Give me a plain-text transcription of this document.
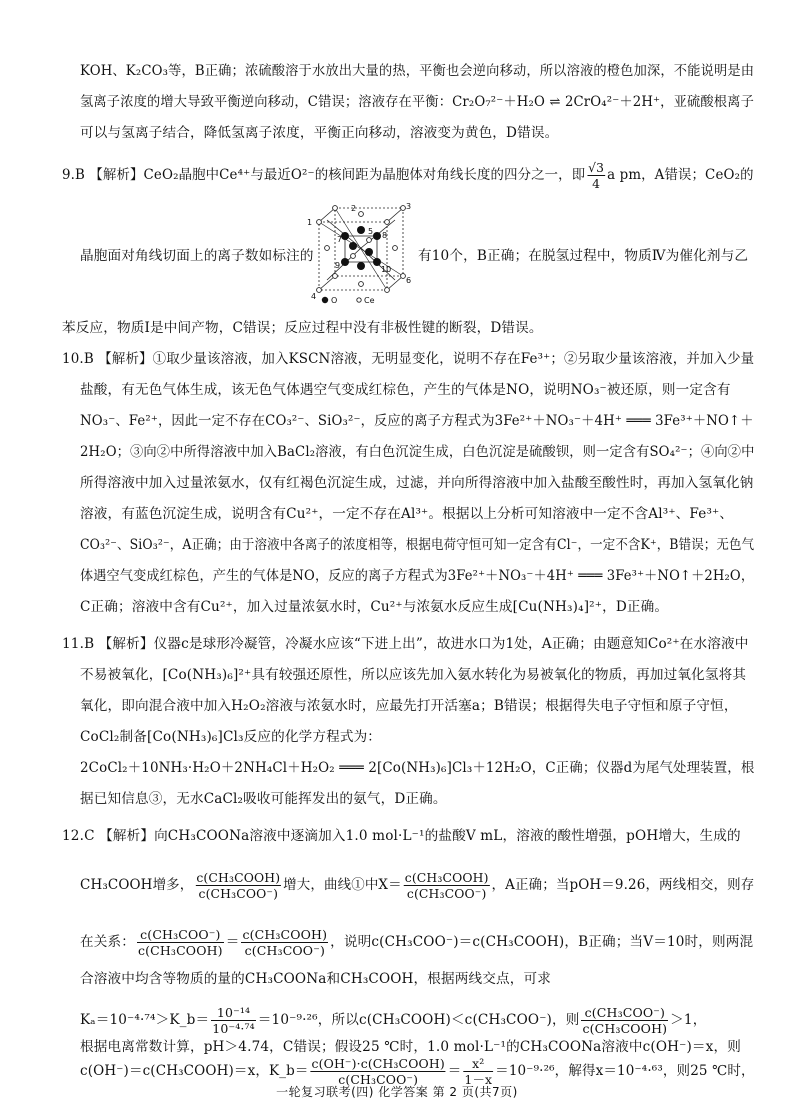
KOH、K₂CO₃等，B正确；浓硫酸溶于水放出大量的热，平衡也会逆向移动，所以溶液的橙色加深，不能说明是由
氢离子浓度的增大导致平衡逆向移动，C错误；溶液存在平衡：Cr₂O₇²⁻＋H₂O ⇌ 2CrO₄²⁻＋2H⁺，亚硫酸根离子
可以与氢离子结合，降低氢离子浓度，平衡正向移动，溶液变为黄色，D错误。
9.B 【解析】CeO₂晶胞中Ce⁴⁺与最近O²⁻的核间距为晶胞体对角线长度的四分之一，即 $\frac{√3}{4}$ a pm，A错误；CeO₂的
晶胞面对角线切面上的离子数如标注的
1
2	3
4
5
6
7	8
9	10
O	Ce
有10个，B正确；在脱氢过程中，物质Ⅳ为催化剂与乙
苯反应，物质Ⅰ是中间产物，C错误；反应过程中没有非极性键的断裂，D错误。
10.B 【解析】①取少量该溶液，加入KSCN溶液，无明显变化，说明不存在Fe³⁺；②另取少量该溶液，并加入少量
盐酸，有无色气体生成，该无色气体遇空气变成红棕色，产生的气体是NO，说明NO₃⁻被还原，则一定含有
NO₃⁻、Fe²⁺，因此一定不存在CO₃²⁻、SiO₃²⁻，反应的离子方程式为3Fe²⁺＋NO₃⁻＋4H⁺ ═══ 3Fe³⁺＋NO↑＋
2H₂O；③向②中所得溶液中加入BaCl₂溶液，有白色沉淀生成，白色沉淀是硫酸钡，则一定含有SO₄²⁻；④向②中
所得溶液中加入过量浓氨水，仅有红褐色沉淀生成，过滤，并向所得溶液中加入盐酸至酸性时，再加入氢氧化钠
溶液，有蓝色沉淀生成，说明含有Cu²⁺，一定不存在Al³⁺。根据以上分析可知溶液中一定不含Al³⁺、Fe³⁺、
CO₃²⁻、SiO₃²⁻，A正确；由于溶液中各离子的浓度相等，根据电荷守恒可知一定含有Cl⁻，一定不含K⁺，B错误；无色气
体遇空气变成红棕色，产生的气体是NO，反应的离子方程式为3Fe²⁺＋NO₃⁻＋4H⁺ ═══ 3Fe³⁺＋NO↑＋2H₂O，
C正确；溶液中含有Cu²⁺，加入过量浓氨水时，Cu²⁺与浓氨水反应生成[Cu(NH₃)₄]²⁺，D正确。
11.B 【解析】仪器c是球形冷凝管，冷凝水应该“下进上出”，故进水口为1处，A正确；由题意知Co²⁺在水溶液中
不易被氧化，[Co(NH₃)₆]²⁺具有较强还原性，所以应该先加入氨水转化为易被氧化的物质，再加过氧化氢将其
氧化，即向混合液中加入H₂O₂溶液与浓氨水时，应最先打开活塞a；B错误；根据得失电子守恒和原子守恒，
CoCl₂制备[Co(NH₃)₆]Cl₃反应的化学方程式为：
2CoCl₂＋10NH₃·H₂O＋2NH₄Cl＋H₂O₂ ═══ 2[Co(NH₃)₆]Cl₃＋12H₂O，C正确；仪器d为尾气处理装置，根
据已知信息③，无水CaCl₂吸收可能挥发出的氨气，D正确。
12.C 【解析】向CH₃COONa溶液中逐滴加入1.0 mol·L⁻¹的盐酸V mL，溶液的酸性增强，pOH增大，生成的
CH₃COOH增多， $\frac{\text{c(CH₃COOH)}}{\text{c(CH₃COO⁻)}}$ 增大，曲线①中$X= \frac{\text{c(CH₃COOH)}}{\text{c(CH₃COO⁻)}}$ ，A正确；当pOH＝9.26，两线相交，则存
在关系： $\frac{\text{c(CH₃COO⁻)}}{\text{c(CH₃COOH)}} = \frac{\text{c(CH₃COOH)}}{\text{c(CH₃COO⁻)}}$ ，说明c(CH₃COO⁻)＝c(CH₃COOH)，B正确；当V＝10时，则两混
合溶液中均含等物质的量的CH₃COONa和CH₃COOH，根据两线交点，可求
Kₐ＝10⁻⁴·⁷⁴＞K_b＝ $\frac{\text{10⁻¹⁴}}{\text{10⁻⁴·⁷⁴}} =10^{-9}\cdot^{26}$，所以c(CH₃COOH)＜c(CH₃COO⁻)，则 $\frac{\text{c(CH₃COO⁻)}}{\text{c(CH₃COOH)}} >1$，
根据电离常数计算，pH＞4.74，C错误；假设25 ℃时，1.0 mol·L⁻¹的CH₃COONa溶液中c(OH⁻)＝x，则
c(OH⁻)＝c(CH₃COOH)＝x，K_b＝ $\frac{\text{c(OH⁻)·c(CH₃COOH)}}{\text{c(CH₃COO⁻)}} = \frac{\text{x²}}{1-x} =10^{-9}\cdot^{26}$，解得x＝10⁻⁴·⁶³，则25 ℃时，
一轮复习联考(四) 化学答案 第 2 页(共7页)
